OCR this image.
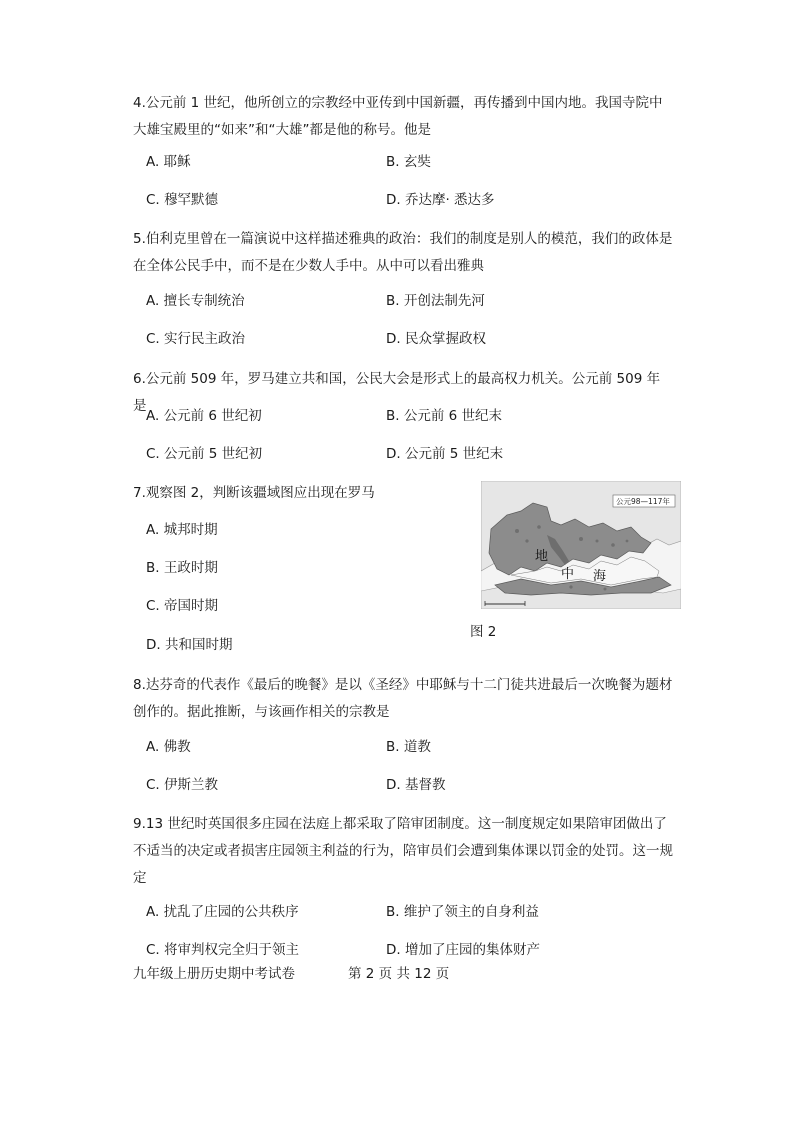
4.公元前 1 世纪，他所创立的宗教经中亚传到中国新疆，再传播到中国内地。我国寺院中
大雄宝殿里的“如来”和“大雄”都是他的称号。他是
A. 耶稣	B. 玄奘
C. 穆罕默德	D. 乔达摩· 悉达多
5.伯利克里曾在一篇演说中这样描述雅典的政治：我们的制度是别人的模范，我们的政体是
在全体公民手中，而不是在少数人手中。从中可以看出雅典
A. 擅长专制统治	B. 开创法制先河
C. 实行民主政治	D. 民众掌握政权
6.公元前 509 年，罗马建立共和国，公民大会是形式上的最高权力机关。公元前 509 年是
A. 公元前 6 世纪初	B. 公元前 6 世纪末
C. 公元前 5 世纪初	D. 公元前 5 世纪末
7.观察图 2，判断该疆域图应出现在罗马
A. 城邦时期
B. 王政时期
C. 帝国时期
D. 共和国时期
公元98—117年
地
中 海
图 2
8.达芬奇的代表作《最后的晚餐》是以《圣经》中耶稣与十二门徒共进最后一次晚餐为题材
创作的。据此推断，与该画作相关的宗教是
A. 佛教	B. 道教
C. 伊斯兰教	D. 基督教
9.13 世纪时英国很多庄园在法庭上都采取了陪审团制度。这一制度规定如果陪审团做出了
不适当的决定或者损害庄园领主利益的行为，陪审员们会遭到集体课以罚金的处罚。这一规
定
A. 扰乱了庄园的公共秩序	B. 维护了领主的自身利益
C. 将审判权完全归于领主	D. 增加了庄园的集体财产
九年级上册历史期中考试卷	第 2 页 共 12 页
